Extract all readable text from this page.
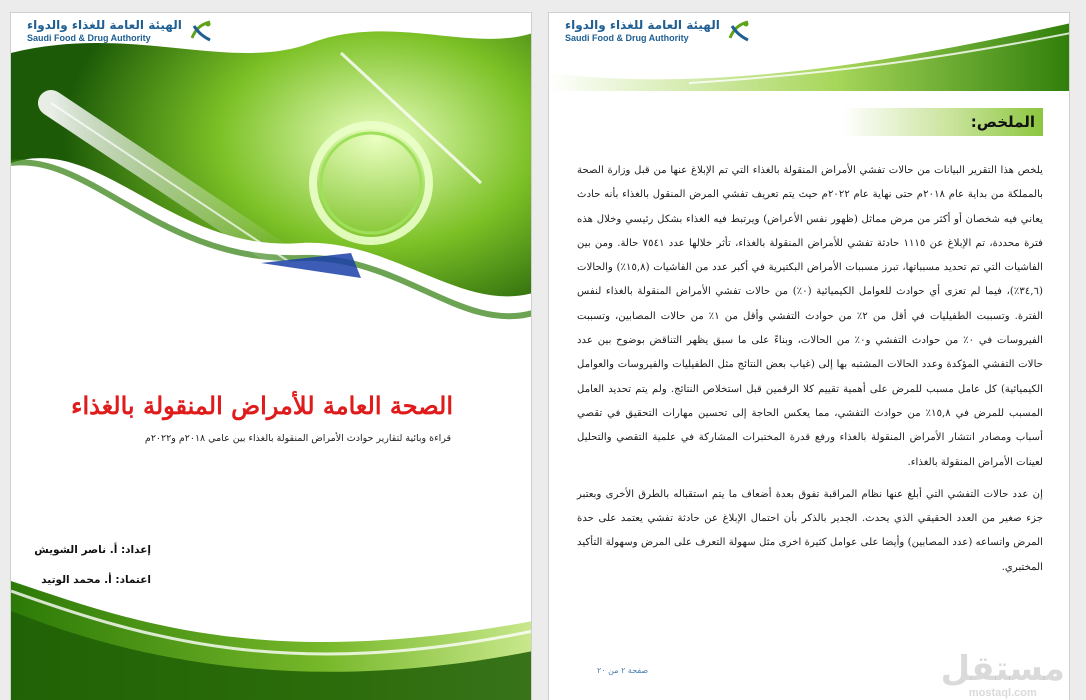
الهيئة العامة للغذاء والدواء
Saudi Food & Drug Authority
الصحة العامة للأمراض المنقولة بالغذاء
قراءة وبائية لتقارير حوادث الأمراض المنقولة بالغذاء بين عامي ٢٠١٨م و٢٠٢٢م
إعداد: أ. ناصر الشويش
اعتماد: أ. محمد الوتيد
الهيئة العامة للغذاء والدواء
Saudi Food & Drug Authority
الملخص:

يلخص هذا التقرير البيانات من حالات تفشي الأمراض المنقولة بالغذاء التي تم الإبلاغ عنها من قبل وزارة الصحة بالمملكة من بداية عام ٢٠١٨م حتى نهاية عام ٢٠٢٢م حيث يتم تعريف تفشي المرض المنقول بالغذاء بأنه حادث يعاني فيه شخصان أو أكثر من مرض مماثل (ظهور نفس الأعراض) ويرتبط فيه الغذاء بشكل رئيسي وخلال هذه فترة محددة، تم الإبلاغ عن ١١١٥ حادثة تفشي للأمراض المنقولة بالغذاء، تأثر خلالها عدد ٧٥٤١ حالة. ومن بين الفاشيات التي تم تحديد مسبباتها، تبرز مسببات الأمراض البكتيرية في أكبر عدد من الفاشيات (١٥,٨٪) والحالات (٣٤,٦٪)، فيما لم تعزى أي حوادث للعوامل الكيميائية (٠٪) من حالات تفشي الأمراض المنقولة بالغذاء لنفس الفترة. وتسببت الطفيليات في أقل من ٢٪ من حوادث التفشي وأقل من ١٪ من حالات المصابين، وتسببت الفيروسات في ٠٪ من حوادث التفشي و٠٪ من الحالات، وبناءً على ما سبق يظهر التناقض بوضوح بين عدد حالات التفشي المؤكدة وعدد الحالات المشتبه بها إلى (غياب بعض النتائج مثل الطفيليات والفيروسات والعوامل الكيميائية) كل عامل مسبب للمرض على أهمية تقييم كلا الرقمين قبل استخلاص النتائج. ولم يتم تحديد العامل المسبب للمرض في ١٥,٨٪ من حوادث التفشي، مما يعكس الحاجة إلى تحسين مهارات التحقيق في تقصي أسباب ومصادر انتشار الأمراض المنقولة بالغذاء ورفع قدرة المختبرات المشاركة في علمية التقصي والتحليل لعينات الأمراض المنقولة بالغذاء.

إن عدد حالات التفشي التي أبلغ عنها نظام المراقبة تفوق بعدة أضعاف ما يتم استقباله بالطرق الأخرى وبعتبر جزء صغير من العدد الحقيقي الذي يحدث. الجدير بالذكر بأن احتمال الإبلاغ عن حادثة تفشي يعتمد على حدة المرض واتساعه (عدد المصابين) وأيضا على عوامل كثيرة اخرى مثل سهولة التعرف على المرض وسهولة التأكيد المختبري.

صفحة ٢ من ٢٠	مستقل
mostaql.com
